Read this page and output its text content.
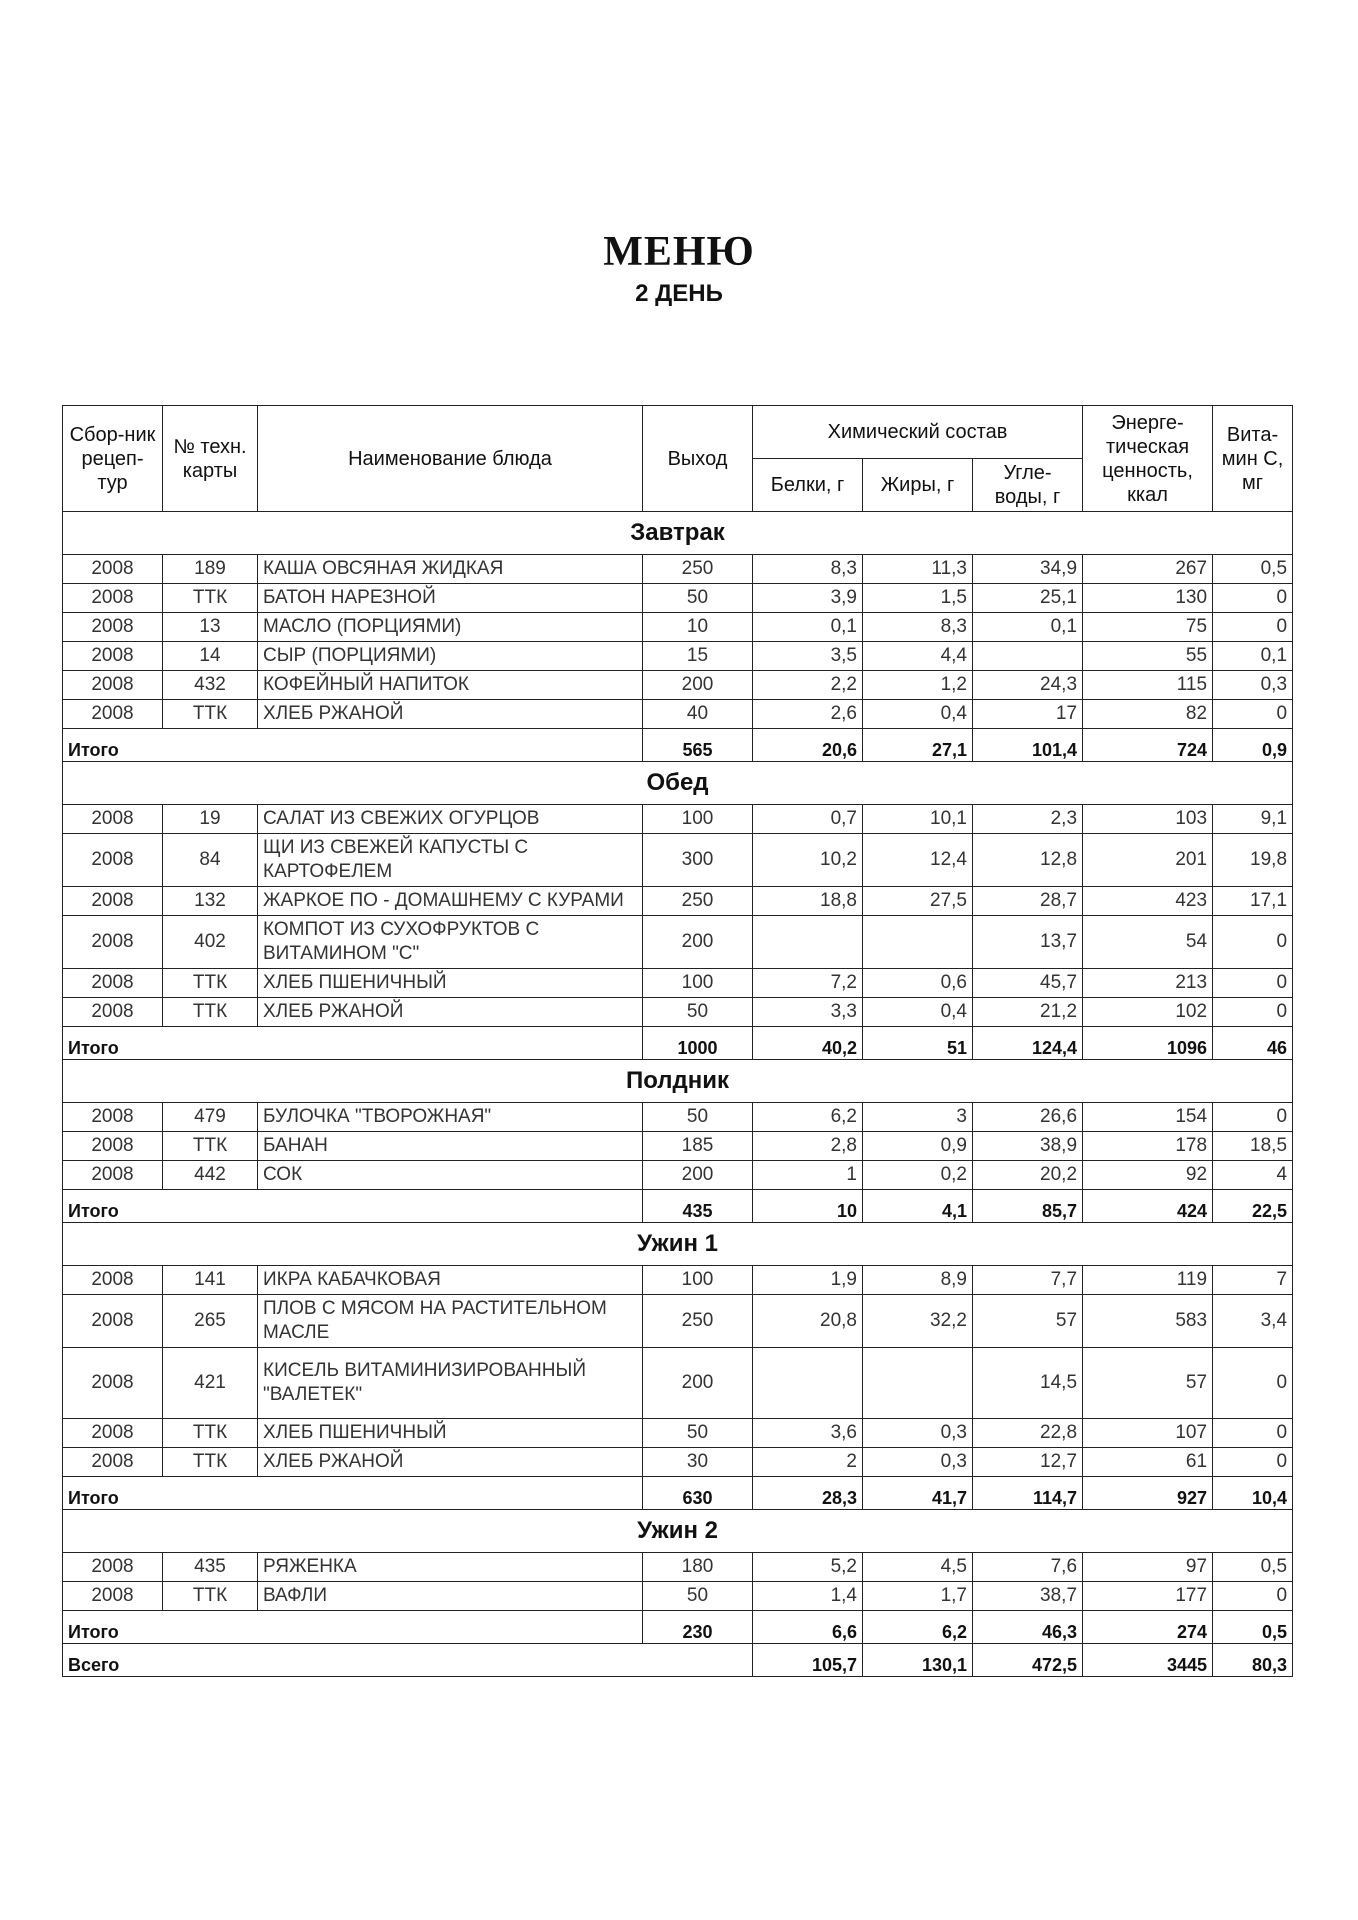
МЕНЮ
2 ДЕНЬ
Сбор-ник рецеп-тур	№ техн. карты	Наименование блюда	Выход	Химический состав			Энерге-тическая ценность, ккал	Вита-мин С, мг
				Белки, г	Жиры, г	Угле-воды, г		
Завтрак								
2008	189	КАША ОВСЯНАЯ ЖИДКАЯ	250	8,3	11,3	34,9	267	0,5
2008	ТТК	БАТОН НАРЕЗНОЙ	50	3,9	1,5	25,1	130	0
2008	13	МАСЛО (ПОРЦИЯМИ)	10	0,1	8,3	0,1	75	0
2008	14	СЫР (ПОРЦИЯМИ)	15	3,5	4,4		55	0,1
2008	432	КОФЕЙНЫЙ НАПИТОК	200	2,2	1,2	24,3	115	0,3
2008	ТТК	ХЛЕБ РЖАНОЙ	40	2,6	0,4	17	82	0
Итого			565	20,6	27,1	101,4	724	0,9
Обед								
2008	19	САЛАТ ИЗ СВЕЖИХ ОГУРЦОВ	100	0,7	10,1	2,3	103	9,1
2008	84	ЩИ ИЗ СВЕЖЕЙ КАПУСТЫ С КАРТОФЕЛЕМ	300	10,2	12,4	12,8	201	19,8
2008	132	ЖАРКОЕ ПО - ДОМАШНЕМУ С КУРАМИ	250	18,8	27,5	28,7	423	17,1
2008	402	КОМПОТ ИЗ СУХОФРУКТОВ С ВИТАМИНОМ "С"	200			13,7	54	0
2008	ТТК	ХЛЕБ ПШЕНИЧНЫЙ	100	7,2	0,6	45,7	213	0
2008	ТТК	ХЛЕБ РЖАНОЙ	50	3,3	0,4	21,2	102	0
Итого			1000	40,2	51	124,4	1096	46
Полдник								
2008	479	БУЛОЧКА "ТВОРОЖНАЯ"	50	6,2	3	26,6	154	0
2008	ТТК	БАНАН	185	2,8	0,9	38,9	178	18,5
2008	442	СОК	200	1	0,2	20,2	92	4
Итого			435	10	4,1	85,7	424	22,5
Ужин 1								
2008	141	ИКРА КАБАЧКОВАЯ	100	1,9	8,9	7,7	119	7
2008	265	ПЛОВ С МЯСОМ НА РАСТИТЕЛЬНОМ МАСЛЕ	250	20,8	32,2	57	583	3,4
2008	421	КИСЕЛЬ ВИТАМИНИЗИРОВАННЫЙ "ВАЛЕТЕК"	200			14,5	57	0
2008	ТТК	ХЛЕБ ПШЕНИЧНЫЙ	50	3,6	0,3	22,8	107	0
2008	ТТК	ХЛЕБ РЖАНОЙ	30	2	0,3	12,7	61	0
Итого			630	28,3	41,7	114,7	927	10,4
Ужин 2								
2008	435	РЯЖЕНКА	180	5,2	4,5	7,6	97	0,5
2008	ТТК	ВАФЛИ	50	1,4	1,7	38,7	177	0
Итого			230	6,6	6,2	46,3	274	0,5
Всего				105,7	130,1	472,5	3445	80,3
